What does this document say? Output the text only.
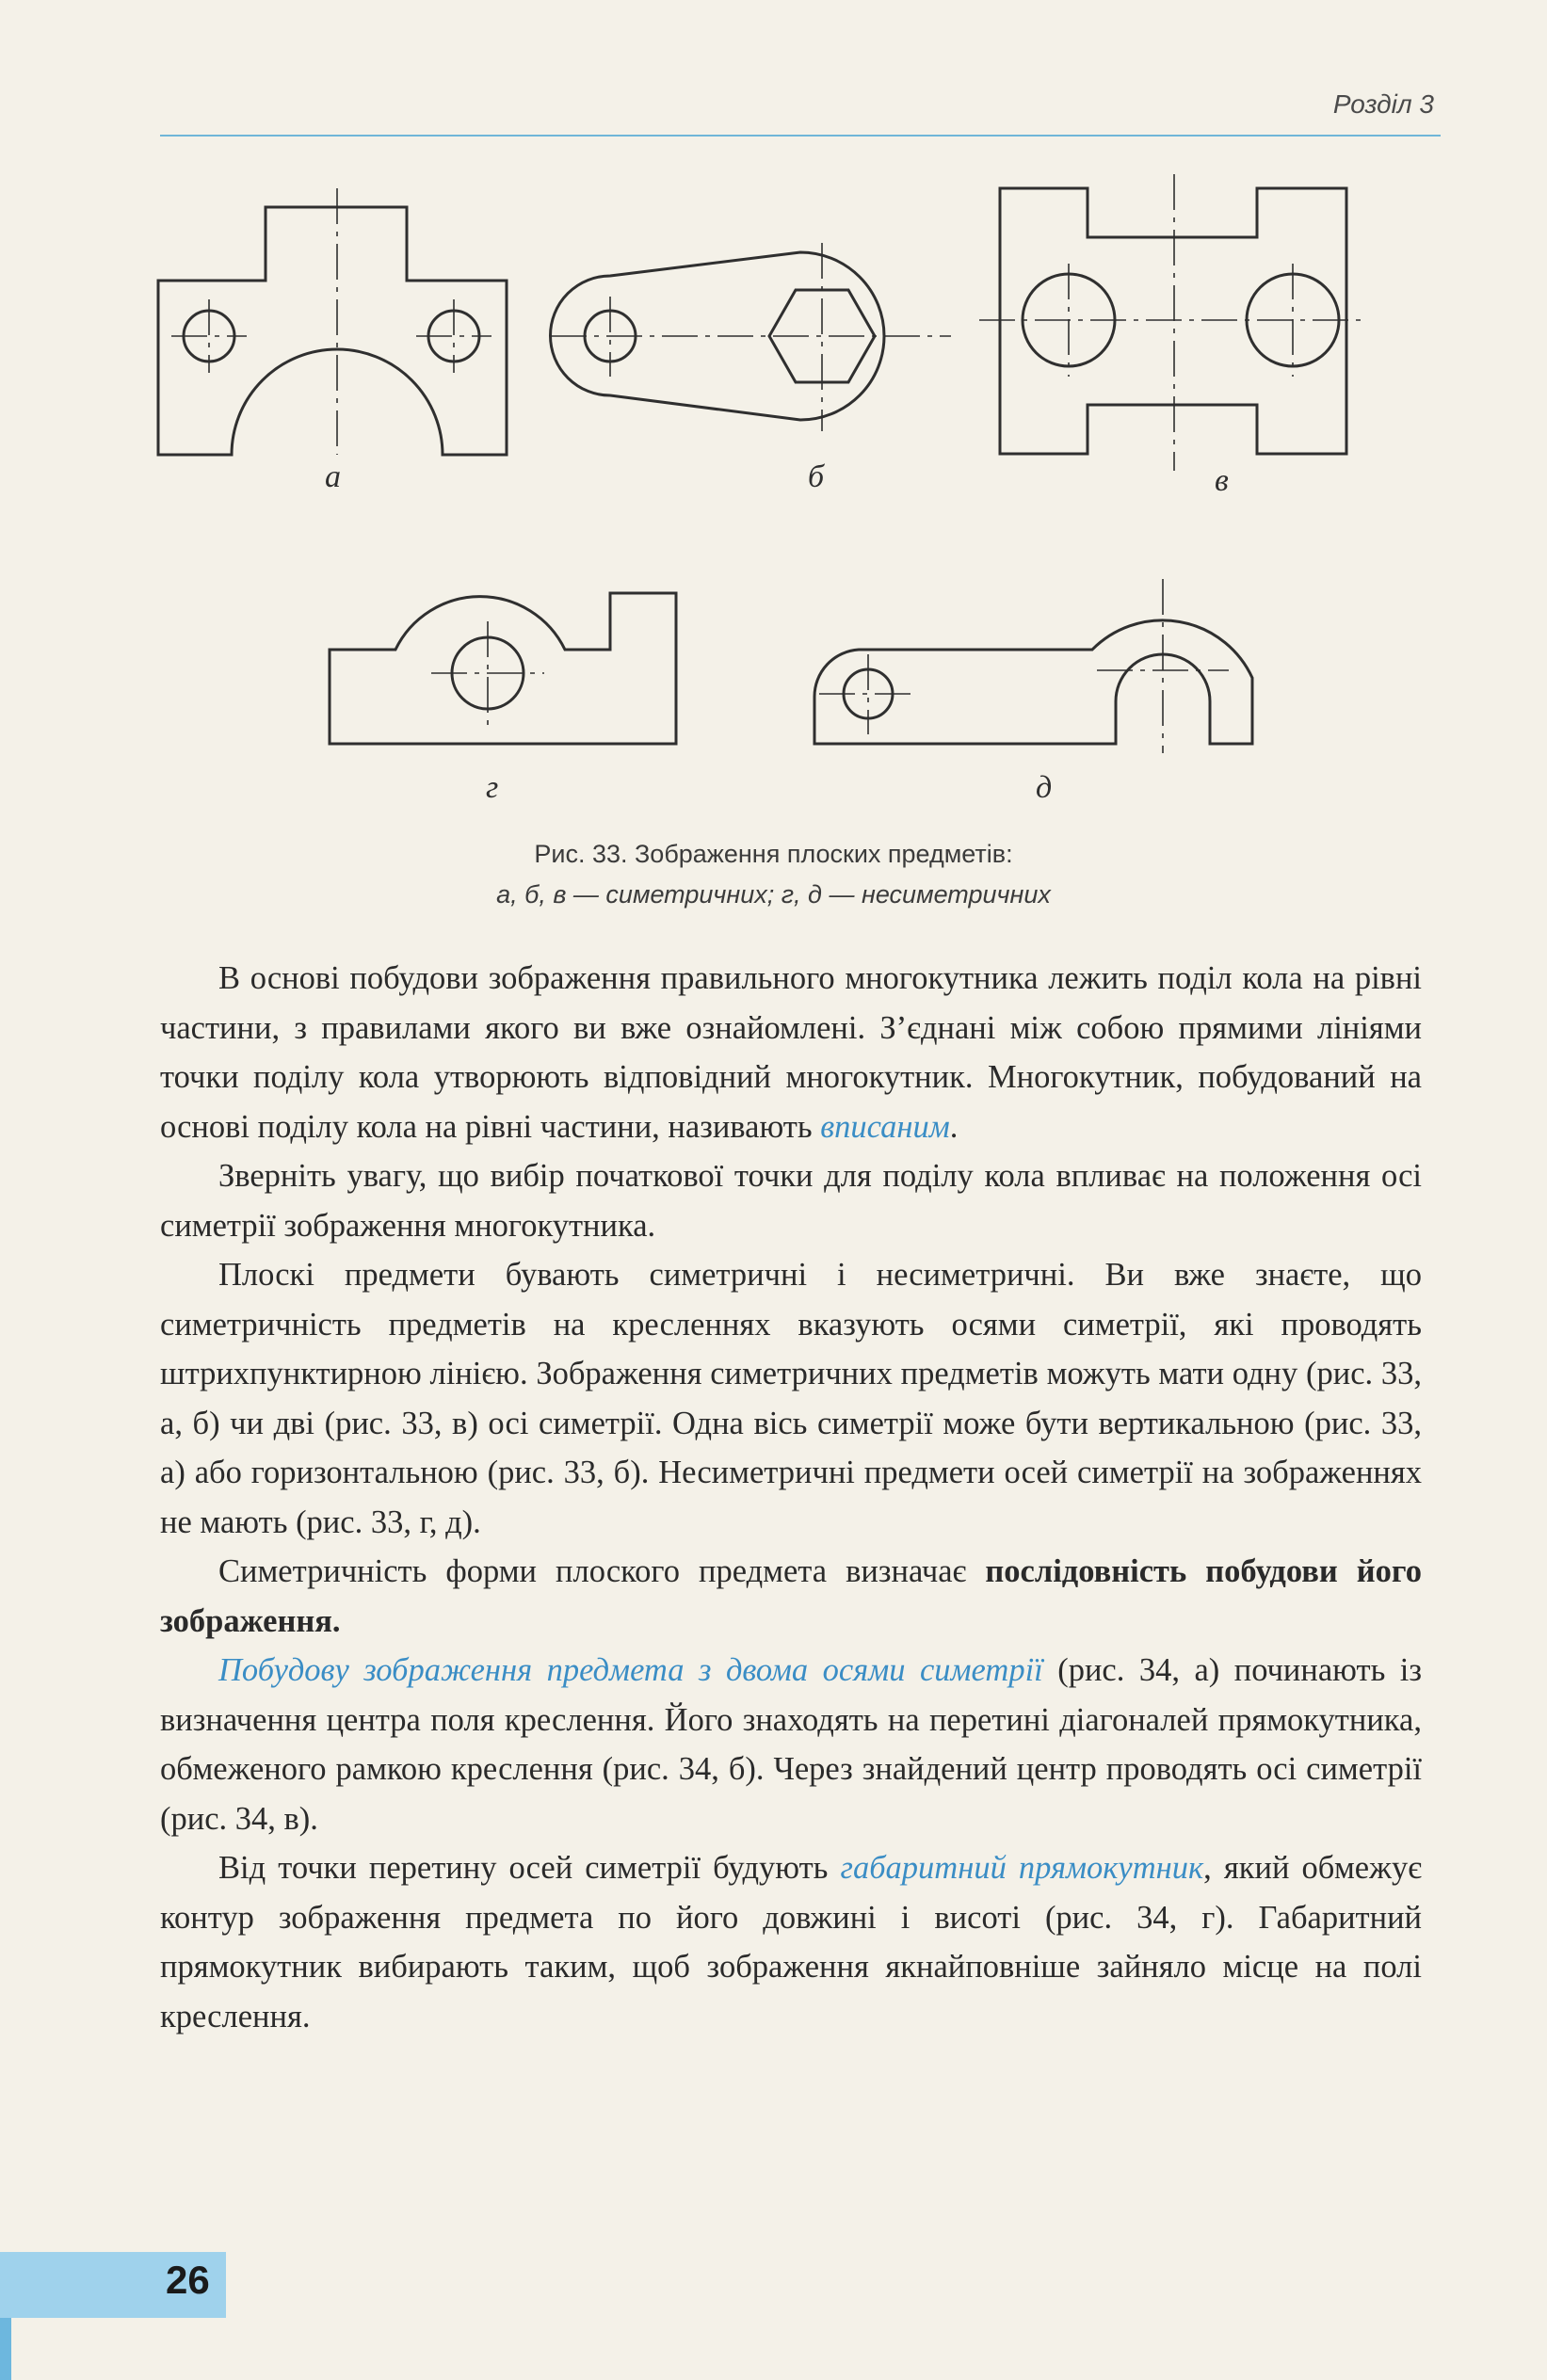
Розділ 3
а	б	в
г	д
Рис. 33. Зображення плоских предметів:
а, б, в — симетричних; г, д — несиметричних

В основі побудови зображення правильного многокутника лежить поділ кола на рівні частини, з правилами якого ви вже ознайомлені. З’єднані між собою прямими лініями точки поділу кола утворюють відповідний многокутник. Многокутник, побудований на основі поділу кола на рівні частини, називають вписаним.

Зверніть увагу, що вибір початкової точки для поділу кола впливає на положення осі симетрії зображення многокутника.

Плоскі предмети бувають симетричні і несиметричні. Ви вже знаєте, що симетричність предметів на кресленнях вказують осями симетрії, які проводять штрихпунктирною лінією. Зображення симетричних предметів можуть мати одну (рис. 33, а, б) чи дві (рис. 33, в) осі симетрії. Одна вісь симетрії може бути вертикальною (рис. 33, а) або горизонтальною (рис. 33, б). Несиметричні предмети осей симетрії на зображеннях не мають (рис. 33, г, д).

Симетричність форми плоского предмета визначає послідовність побудови його зображення.

Побудову зображення предмета з двома осями симетрії (рис. 34, а) починають із визначення центра поля креслення. Його знаходять на перетині діагоналей прямокутника, обмеженого рамкою креслення (рис. 34, б). Через знайдений центр проводять осі симетрії (рис. 34, в).

Від точки перетину осей симетрії будують габаритний прямокутник, який обмежує контур зображення предмета по його довжині і висоті (рис. 34, г). Габаритний прямокутник вибирають таким, щоб зображення якнайповніше зайняло місце на полі креслення.

26
